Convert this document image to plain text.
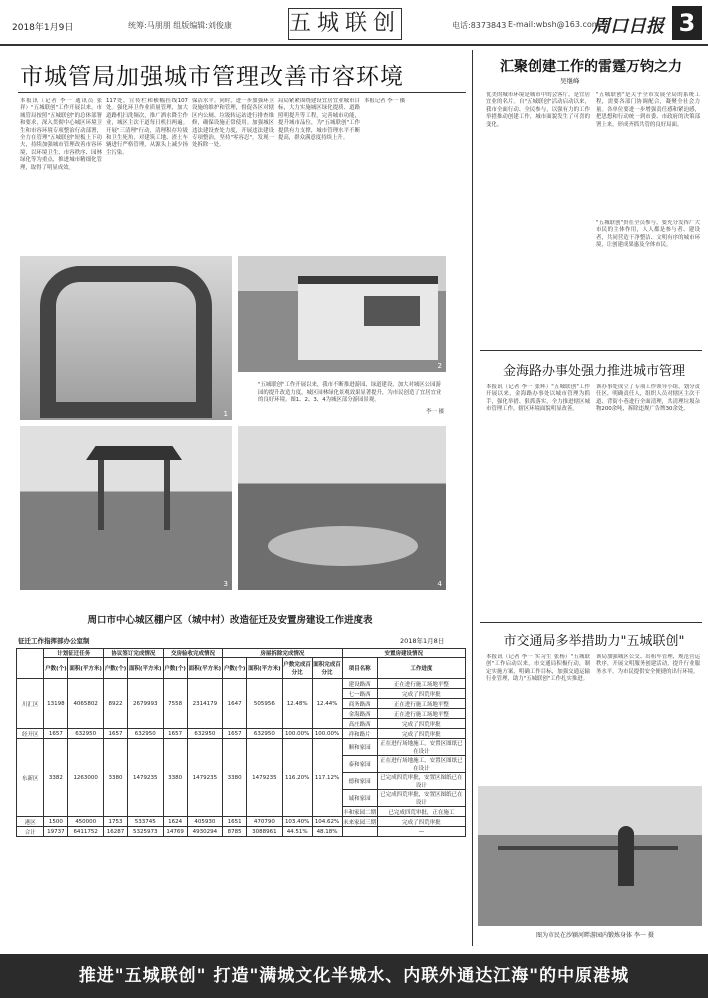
2018年1月9日	统筹:马朋朋 组版编辑:刘俊康	五城联创	电话:8373843 E-mail:wbsh@163.com
周口日报 3
市城管局加强城市管理改善市容环境
本报讯（记者 李一 通讯员 张祥）"五城联创"工作开展以来，市城管局按照"五城联创"的总体部署和要求，深入贯彻中心城区环境卫生和市容环境专项整治行动部署，全力在管理"五城联创"短板上下功夫，持续加强城市管理改善市容环境，以环境卫生、市容秩序、园林绿化等为重点，推进城市精细化管理，取得了明显成效。
117处，宣传栏和横幅挂线107处。强化环卫作业质量管理，加大道路机扫洗频次，推广洒水降尘作业，城区主次干道每日机扫两遍。开展"三清理"行动，清理积存垃圾和卫生死角，对建筑工地、渣土车辆进行严格管理，从源头上减少扬尘污染。
保洁水平。同时，进一步加强环卫设施的维护和管理，督促各区对辖区内公厕、垃圾转运站进行排查维修，确保设施正常使用。加强城区违法建设查处力度，开展违法建设专项整治，坚持"零容忍"，发现一处拆除一处。
局局紧紧围绕建设宜居宜业城市目标，大力实施城区绿化提质、道路照明提升等工程，完善城市功能，提升城市品位，为"五城联创"工作提供有力支撑，城市管理水平不断提高，群众满意度持续上升。
本报记者 李一 摄
1
2
"五城联创"工作开展以来，我市不断推进游园、绿道建设，加大对城区公园游园的提升改造力度，城区园林绿化景观效果显著提升，为市民创造了宜居宜业的良好环境。图1、2、3、4为城区部分游园景观。
李一 摄
3	4
周口市中心城区棚户区（城中村）改造征迁及安置房建设工作进度表
征迁工作指挥部办公室制	2018年1月8日
	计划征迁任务		协议签订完成情况		交房验收完成情况		房屋拆除完成情况				安置房建设情况	
	户数(个)	面积(平方米)	户数(个)	面积(平方米)	户数(个)	面积(平方米)	户数(个)	面积(平方米)	户数完成百分比	面积完成百分比	项目名称	工作进度
川汇区	13198	4065802	8922	2679993	7558	2314179	1647	505956	12.48%	12.44%	建设路西	正在进行施工场地平整
											七一路西	完成了四荒审批
											商务路西	正在进行施工场地平整
											金海路西	正在进行施工场地平整
											高庄路西	完成了四荒审批
经开区	1657	632950	1657	632950	1657	632950	1657	632950	100.00%	100.00%	祥和路片	完成了四荒审批
东新区	3382	1263000	3380	1479235	3380	1479235	3380	1479235	116.20%	117.12%	顺和家园	正在进行场地施工，安置区图纸已在设计
											泰和家园	正在进行场地施工，安置区图纸已在设计
											德和家园	已完成四荒审批，安置区图纸已在设计
											诚和家园	已完成四荒审批，安置区图纸已在设计
											丰和家园二期	已完成四荒审批，正在施工
港区	1500	450000	1753	533745	1624	405930	1651	470790	103.40%	104.62%	未来家园三期	完成了四荒审批
合计	19737	6411752	16287	5325973	14769	4930294	8785	3088961	44.51%	48.18%		—
汇聚创建工作的雷霆万钧之力
吴继峰
优美的城市环境是城市中的会客厅，是宜居宜业的名片。自"五城联创"活动启动以来，我市全面行动、全民参与，以强有力的工作举措推动创建工作，城市面貌发生了可喜的变化。
"五城联创"是关乎全市发展全局的系统工程，需要各部门协调配合，凝聚全社会力量。各单位要进一步增强责任感和紧迫感，把思想和行动统一到市委、市政府的决策部署上来，形成齐抓共管的良好局面。
"五城联创"贵在全员参与，要充分发挥广大市民的主体作用，人人都是参与者、建设者，共同营造干净整洁、文明有序的城市环境，让创建成果惠及全体市民。
金海路办事处强力推进城市管理
本报讯（记者 李一 张辉）"五城联创"工作开展以来，金海路办事处以城市管理为抓手，强化举措、狠抓落实，全力推进辖区城市管理工作，辖区环境面貌明显改善。
该办事处成立了专项工作领导小组，划分责任区，明确责任人，组织人员对辖区主次干道、背街小巷进行全面清理，共清理垃圾杂物200余吨，拆除违规广告牌30余处。
市交通局多举措助力"五城联创"
本报讯（记者 李一 实习生 张杨）"五城联创"工作启动以来，市交通局积极行动，制定实施方案，明确工作目标，加强交通运输行业管理，助力"五城联创"工作扎实推进。
该局加强城区公交、出租车管理，规范营运秩序，开展文明服务创建活动，提升行业服务水平，为市民提供安全便捷的出行环境。
图为市民在沙颍河畔游园内锻炼身体 李一 摄
推进"五城联创" 打造"满城文化半城水、内联外通达江海"的中原港城
